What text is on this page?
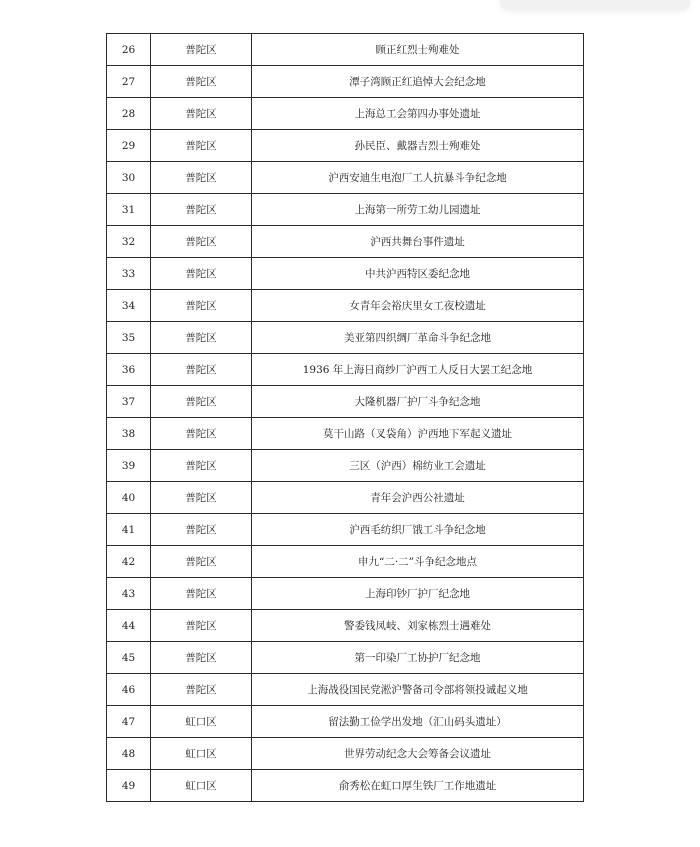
26	普陀区	顾正红烈士殉难处
27	普陀区	潭子湾顾正红追悼大会纪念地
28	普陀区	上海总工会第四办事处遗址
29	普陀区	孙民臣、戴器吉烈士殉难处
30	普陀区	沪西安迪生电泡厂工人抗暴斗争纪念地
31	普陀区	上海第一所劳工幼儿园遗址
32	普陀区	沪西共舞台事件遗址
33	普陀区	中共沪西特区委纪念地
34	普陀区	女青年会裕庆里女工夜校遗址
35	普陀区	美亚第四织绸厂革命斗争纪念地
36	普陀区	1936 年上海日商纱厂沪西工人反日大罢工纪念地
37	普陀区	大隆机器厂护厂斗争纪念地
38	普陀区	莫干山路（叉袋角）沪西地下军起义遗址
39	普陀区	三区（沪西）棉纺业工会遗址
40	普陀区	青年会沪西公社遗址
41	普陀区	沪西毛纺织厂饿工斗争纪念地
42	普陀区	申九“二·二”斗争纪念地点
43	普陀区	上海印钞厂护厂纪念地
44	普陀区	警委钱凤岐、刘家栋烈士遇难处
45	普陀区	第一印染厂工协护厂纪念地
46	普陀区	上海战役国民党淞沪警备司令部将领投诚起义地
47	虹口区	留法勤工俭学出发地（汇山码头遗址）
48	虹口区	世界劳动纪念大会筹备会议遗址
49	虹口区	俞秀松在虹口厚生铁厂工作地遗址
